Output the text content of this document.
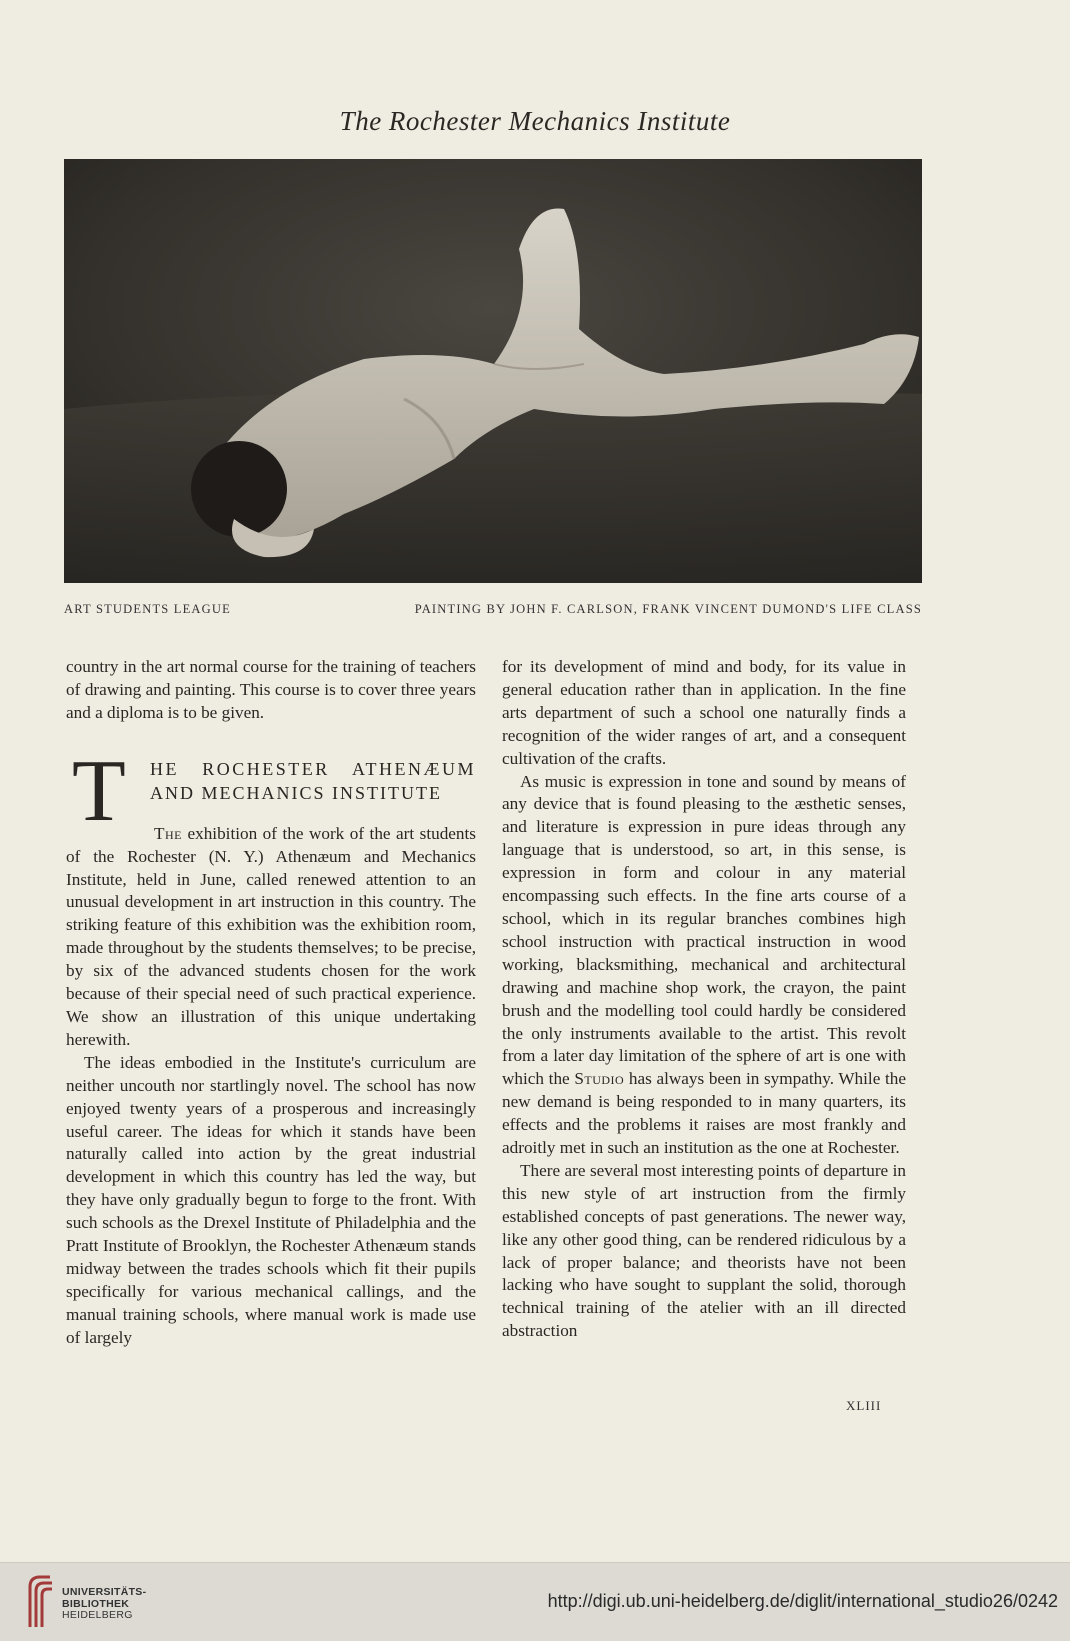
The Rochester Mechanics Institute
ART STUDENTS LEAGUE	PAINTING BY JOHN F. CARLSON, FRANK VINCENT DUMOND'S LIFE CLASS

country in the art normal course for the training of teachers of drawing and painting. This course is to cover three years and a diploma is to be given.

T HE ROCHESTER ATHENÆUM
AND MECHANICS INSTITUTE

The exhibition of the work of the art students of the Rochester (N. Y.) Athenæum and Mechanics Institute, held in June, called renewed attention to an unusual development in art instruction in this country. The striking feature of this exhibition was the exhibition room, made throughout by the students themselves; to be precise, by six of the advanced students chosen for the work because of their special need of such practical experience. We show an illustration of this unique undertaking herewith.

The ideas embodied in the Institute's curriculum are neither uncouth nor startlingly novel. The school has now enjoyed twenty years of a prosperous and increasingly useful career. The ideas for which it stands have been naturally called into action by the great industrial development in which this country has led the way, but they have only gradually begun to forge to the front. With such schools as the Drexel Institute of Philadelphia and the Pratt Institute of Brooklyn, the Rochester Athenæum stands midway between the trades schools which fit their pupils specifically for various mechanical callings, and the manual training schools, where manual work is made use of largely

for its development of mind and body, for its value in general education rather than in application. In the fine arts department of such a school one naturally finds a recognition of the wider ranges of art, and a consequent cultivation of the crafts.

As music is expression in tone and sound by means of any device that is found pleasing to the æsthetic senses, and literature is expression in pure ideas through any language that is understood, so art, in this sense, is expression in form and colour in any material encompassing such effects. In the fine arts course of a school, which in its regular branches combines high school instruction with practical instruction in wood working, blacksmithing, mechanical and architectural drawing and machine shop work, the crayon, the paint brush and the modelling tool could hardly be considered the only instruments available to the artist. This revolt from a later day limitation of the sphere of art is one with which the Studio has always been in sympathy. While the new demand is being responded to in many quarters, its effects and the problems it raises are most frankly and adroitly met in such an institution as the one at Rochester.

There are several most interesting points of departure in this new style of art instruction from the firmly established concepts of past generations. The newer way, like any other good thing, can be rendered ridiculous by a lack of proper balance; and theorists have not been lacking who have sought to supplant the solid, thorough technical training of the atelier with an ill directed abstraction

XLIII
UNIVERSITÄTS-
BIBLIOTHEK
HEIDELBERG
http://digi.ub.uni-heidelberg.de/diglit/international_studio26/0242
